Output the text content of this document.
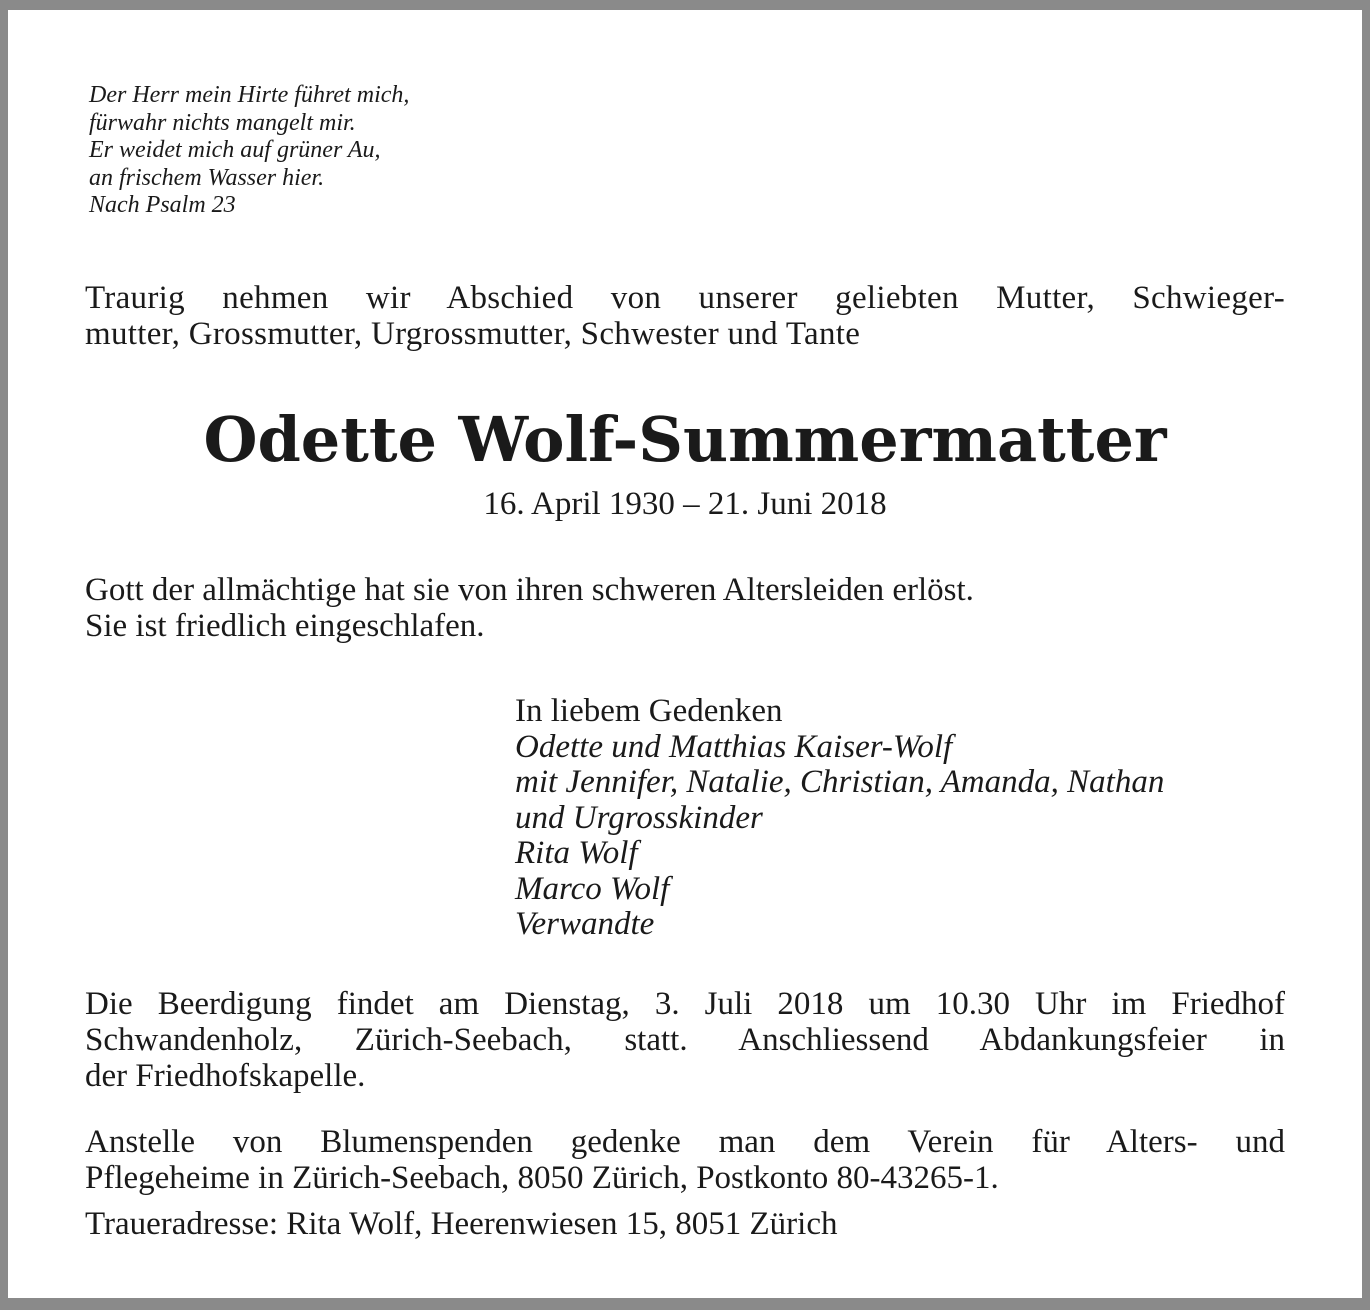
Der Herr mein Hirte führet mich,
fürwahr nichts mangelt mir.
Er weidet mich auf grüner Au,
an frischem Wasser hier.
Nach Psalm 23
Traurig nehmen wir Abschied von unserer geliebten Mutter, Schwieger-
mutter, Grossmutter, Urgrossmutter, Schwester und Tante
Odette Wolf-Summermatter
16. April 1930 – 21. Juni 2018
Gott der allmächtige hat sie von ihren schweren Altersleiden erlöst.
Sie ist friedlich eingeschlafen.
In liebem Gedenken
Odette und Matthias Kaiser-Wolf
mit Jennifer, Natalie, Christian, Amanda, Nathan
und Urgrosskinder
Rita Wolf
Marco Wolf
Verwandte
Die Beerdigung findet am Dienstag, 3. Juli 2018 um 10.30 Uhr im Friedhof
Schwandenholz, Zürich-Seebach, statt. Anschliessend Abdankungsfeier in
der Friedhofskapelle.
Anstelle von Blumenspenden gedenke man dem Verein für Alters- und
Pflegeheime in Zürich-Seebach, 8050 Zürich, Postkonto 80-43265-1.
Traueradresse: Rita Wolf, Heerenwiesen 15, 8051 Zürich
